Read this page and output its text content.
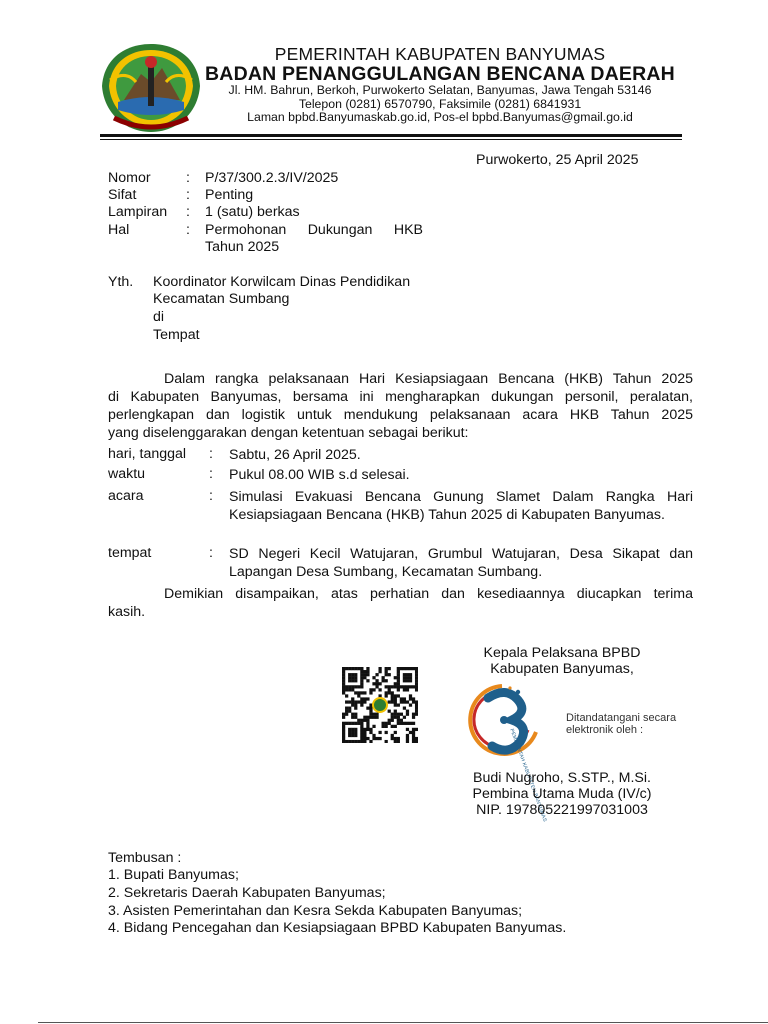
PEMERINTAH KABUPATEN BANYUMAS
BADAN PENANGGULANGAN BENCANA DAERAH
Jl. HM. Bahrun, Berkoh, Purwokerto Selatan, Banyumas, Jawa Tengah 53146
Telepon (0281) 6570790, Faksimile (0281) 6841931
Laman bpbd.Banyumaskab.go.id, Pos-el bpbd.Banyumas@gmail.go.id
Purwokerto, 25 April 2025
Nomor : P/37/300.2.3/IV/2025
Sifat	: Penting
Lampiran : 1 (satu) berkas
Hal	: Permohonan Dukungan HKB
Tahun 2025
Yth. Koordinator Korwilcam Dinas Pendidikan
Kecamatan Sumbang
di
Tempat
Dalam rangka pelaksanaan Hari Kesiapsiagaan Bencana (HKB) Tahun 2025
di Kabupaten Banyumas, bersama ini mengharapkan dukungan personil, peralatan,
perlengkapan dan logistik untuk mendukung pelaksanaan acara HKB Tahun 2025
yang diselenggarakan dengan ketentuan sebagai berikut:
hari, tanggal : Sabtu, 26 April 2025.
waktu	: Pukul 08.00 WIB s.d selesai.
acara	: Simulasi Evakuasi Bencana Gunung Slamet Dalam Rangka Hari Kesiapsiagaan Bencana (HKB) Tahun 2025 di Kabupaten Banyumas.
tempat	: SD Negeri Kecil Watujaran, Grumbul Watujaran, Desa Sikapat dan Lapangan Desa Sumbang, Kecamatan Sumbang.
Demikian disampaikan, atas perhatian dan kesediaannya diucapkan terima
kasih.
Kepala Pelaksana BPBD
Kabupaten Banyumas,
PEMERINTAH KABUPATEN BANYUMAS
Ditandatangani secara
elektronik oleh :
Budi Nugroho, S.STP., M.Si.
Pembina Utama Muda (IV/c)
NIP. 197805221997031003
Tembusan :
1. Bupati Banyumas;
2. Sekretaris Daerah Kabupaten Banyumas;
3. Asisten Pemerintahan dan Kesra Sekda Kabupaten Banyumas;
4. Bidang Pencegahan dan Kesiapsiagaan BPBD Kabupaten Banyumas.
